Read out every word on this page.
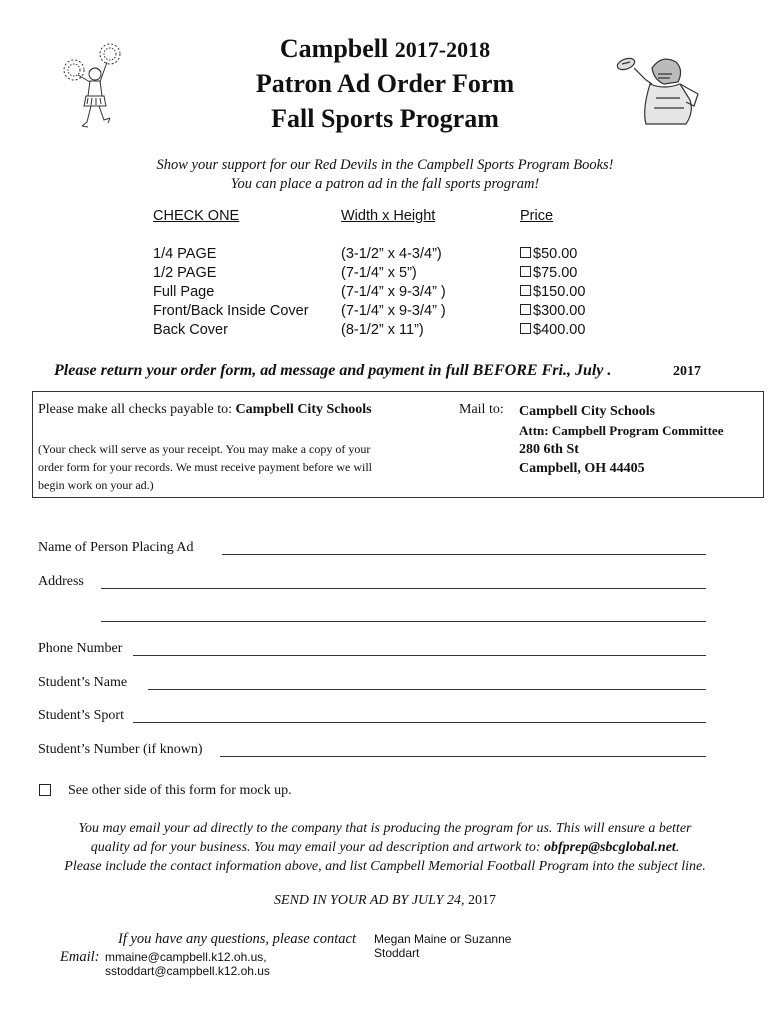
Campbell 2017-2018
Patron Ad Order Form
Fall Sports Program
Show your support for our Red Devils in the Campbell Sports Program Books!
You can place a patron ad in the fall sports program!
CHECK ONE
1/4 PAGE
1/2 PAGE
Full Page
Front/Back Inside Cover
Back Cover
Width x Height
(3-1/2” x 4-3/4”)
(7-1/4” x 5”)
(7-1/4” x 9-3/4” )
(7-1/4” x 9-3/4” )
(8-1/2” x 11”)
Price
$50.00
$75.00
$150.00
$300.00
$400.00
Please return your order form, ad message and payment in full BEFORE Fri., July .	2017
Please make all checks payable to: Campbell City Schools
(Your check will serve as your receipt. You may make a copy of your
order form for your records. We must receive payment before we will
begin work on your ad.)
Mail to: Campbell City Schools
Attn: Campbell Program Committee
280 6th St
Campbell, OH 44405
Name of Person Placing Ad
Address
Phone Number
Student’s Name
Student’s Sport
Student’s Number (if known)
See other side of this form for mock up.
You may email your ad directly to the company that is producing the program for us. This will ensure a better
quality ad for your business. You may email your ad description and artwork to: obfprep@sbcglobal.net.
Please include the contact information above, and list Campbell Memorial Football Program into the subject line.
SEND IN YOUR AD BY JULY 24, 2017
If you have any questions, please contact Megan Maine or Suzanne
Stoddart
Email: mmaine@campbell.k12.oh.us,
sstoddart@campbell.k12.oh.us
